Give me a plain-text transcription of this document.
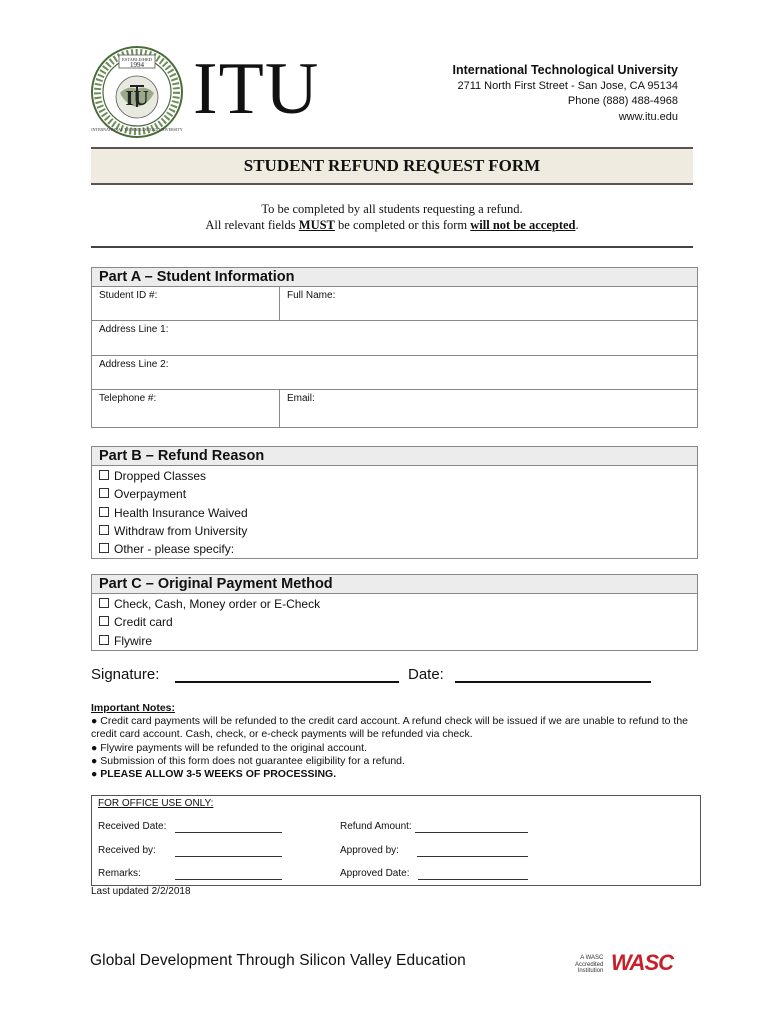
ESTABLISHED
1994
IU
INTERNATIONAL TECHNOLOGICAL UNIVERSITY ITU	International Technological University
2711 North First Street - San Jose, CA 95134
Phone (888) 488-4968
www.itu.edu
STUDENT REFUND REQUEST FORM
To be completed by all students requesting a refund.
All relevant fields MUST be completed or this form will not be accepted.
Part A – Student Information
Student ID #:	Full Name:
Address Line 1:
Address Line 2:
Telephone #:	Email:
Part B – Refund Reason
Dropped Classes
Overpayment
Health Insurance Waived
Withdraw from University
Other - please specify:
Part C – Original Payment Method
Check, Cash, Money order or E-Check
Credit card
Flywire
Signature:	Date:
Important Notes:
● Credit card payments will be refunded to the credit card account. A refund check will be issued if we are unable to refund to the credit card account. Cash, check, or e-check payments will be refunded via check.
● Flywire payments will be refunded to the original account.
● Submission of this form does not guarantee eligibility for a refund.
● PLEASE ALLOW 3-5 WEEKS OF PROCESSING.
FOR OFFICE USE ONLY:
Received Date:	Refund Amount:
Received by:	Approved by:
Remarks:	Approved Date:
Last updated 2/2/2018
Global Development Through Silicon Valley Education	A WASC
Accredited
Institution WASC
